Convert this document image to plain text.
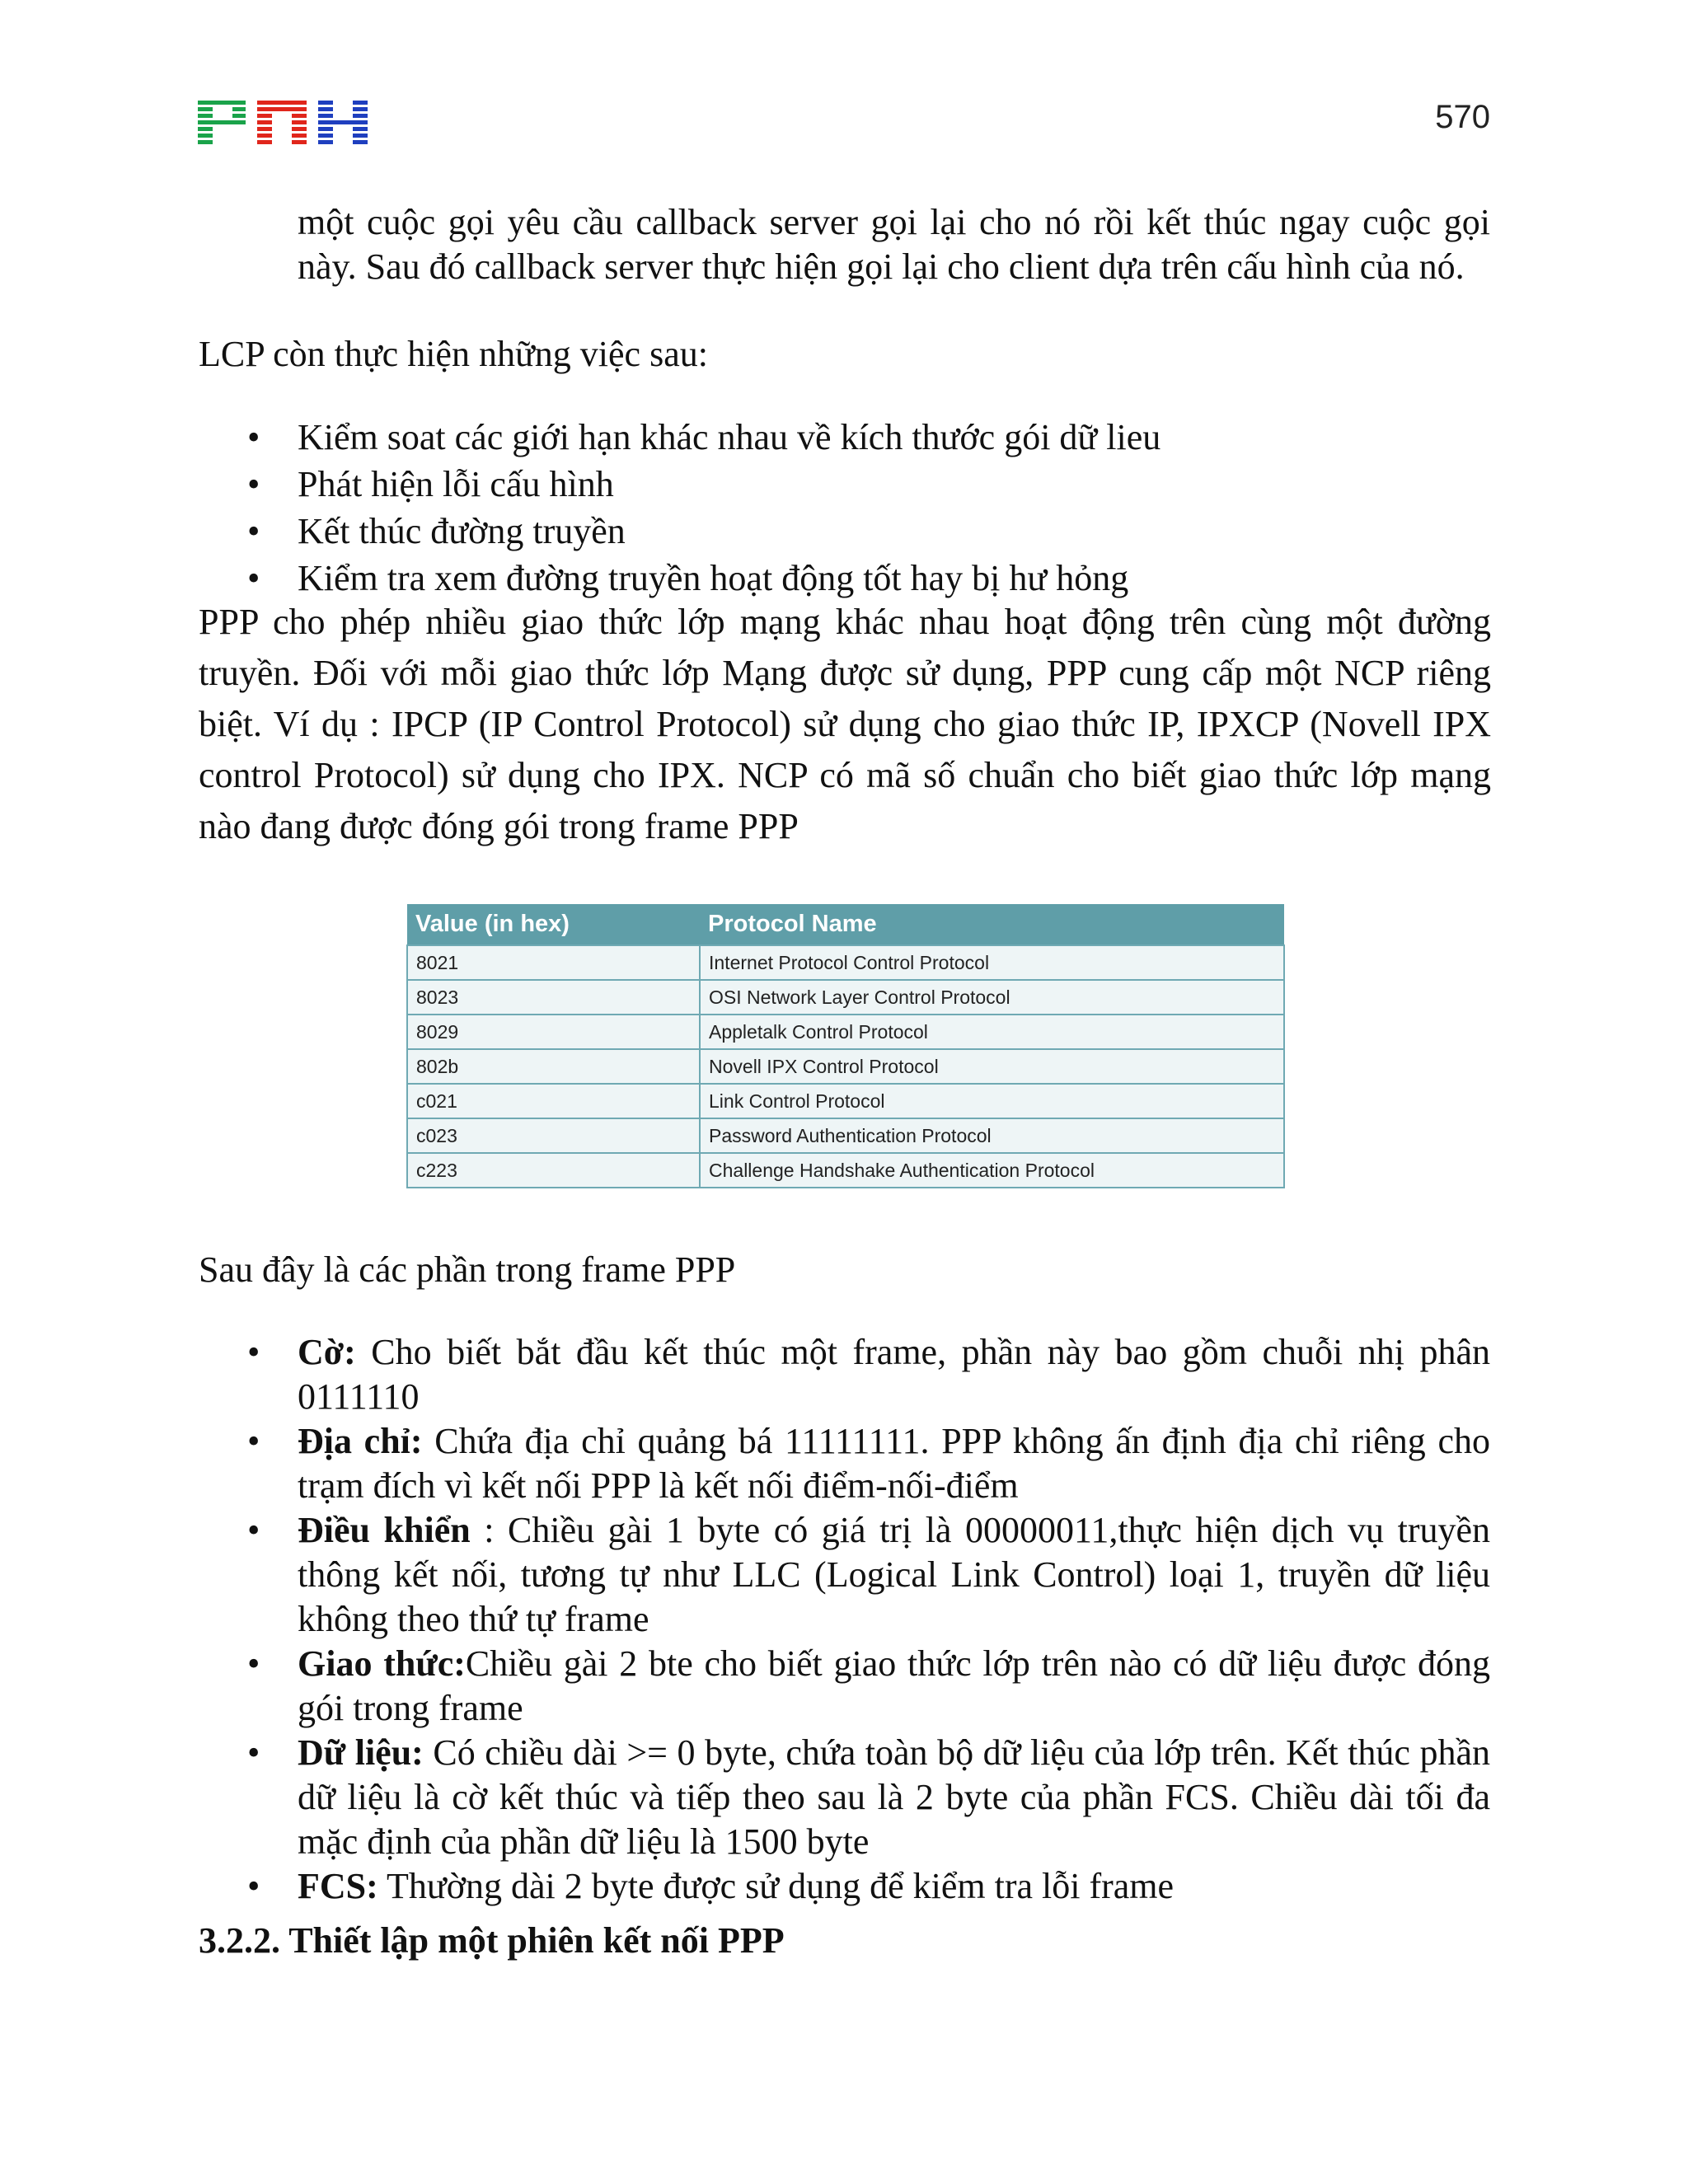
570

một cuộc gọi yêu cầu callback server gọi lại cho nó rồi kết thúc ngay cuộc gọi này. Sau đó callback server thực hiện gọi lại cho client dựa trên cấu hình của nó.

LCP còn thực hiện những việc sau:

• Kiểm soat các giới hạn khác nhau về kích thước gói dữ lieu
• Phát hiện lỗi cấu hình
• Kết thúc đường truyền
• Kiểm tra xem đường truyền hoạt động tốt hay bị hư hỏng

PPP cho phép nhiều giao thức lớp mạng khác nhau hoạt động trên cùng một đường truyền. Đối với mỗi giao thức lớp Mạng được sử dụng, PPP cung cấp một NCP riêng biệt. Ví dụ : IPCP (IP Control Protocol) sử dụng cho giao thức IP, IPXCP (Novell IPX control Protocol) sử dụng cho IPX. NCP có mã số chuẩn cho biết giao thức lớp mạng nào đang được đóng gói trong frame PPP

Value (in hex)	Protocol Name
8021	Internet Protocol Control Protocol
8023	OSI Network Layer Control Protocol
8029	Appletalk Control Protocol
802b	Novell IPX Control Protocol
c021	Link Control Protocol
c023	Password Authentication Protocol
c223	Challenge Handshake Authentication Protocol

Sau đây là các phần trong frame PPP

• Cờ: Cho biết bắt đầu kết thúc một frame, phần này bao gồm chuỗi nhị phân 0111110
• Địa chỉ: Chứa địa chỉ quảng bá 11111111. PPP không ấn định địa chỉ riêng cho trạm đích vì kết nối PPP là kết nối điểm-nối-điểm
• Điều khiển : Chiều gài 1 byte có giá trị là 00000011,thực hiện dịch vụ truyền thông kết nối, tương tự như LLC (Logical Link Control) loại 1, truyền dữ liệu không theo thứ tự frame
• Giao thức:Chiều gài 2 bte cho biết giao thức lớp trên nào có dữ liệu được đóng gói trong frame
• Dữ liệu: Có chiều dài >= 0 byte, chứa toàn bộ dữ liệu của lớp trên. Kết thúc phần dữ liệu là cờ kết thúc và tiếp theo sau là 2 byte của phần FCS. Chiều dài tối đa mặc định của phần dữ liệu là 1500 byte
• FCS: Thường dài 2 byte được sử dụng để kiểm tra lỗi frame
3.2.2. Thiết lập một phiên kết nối PPP
